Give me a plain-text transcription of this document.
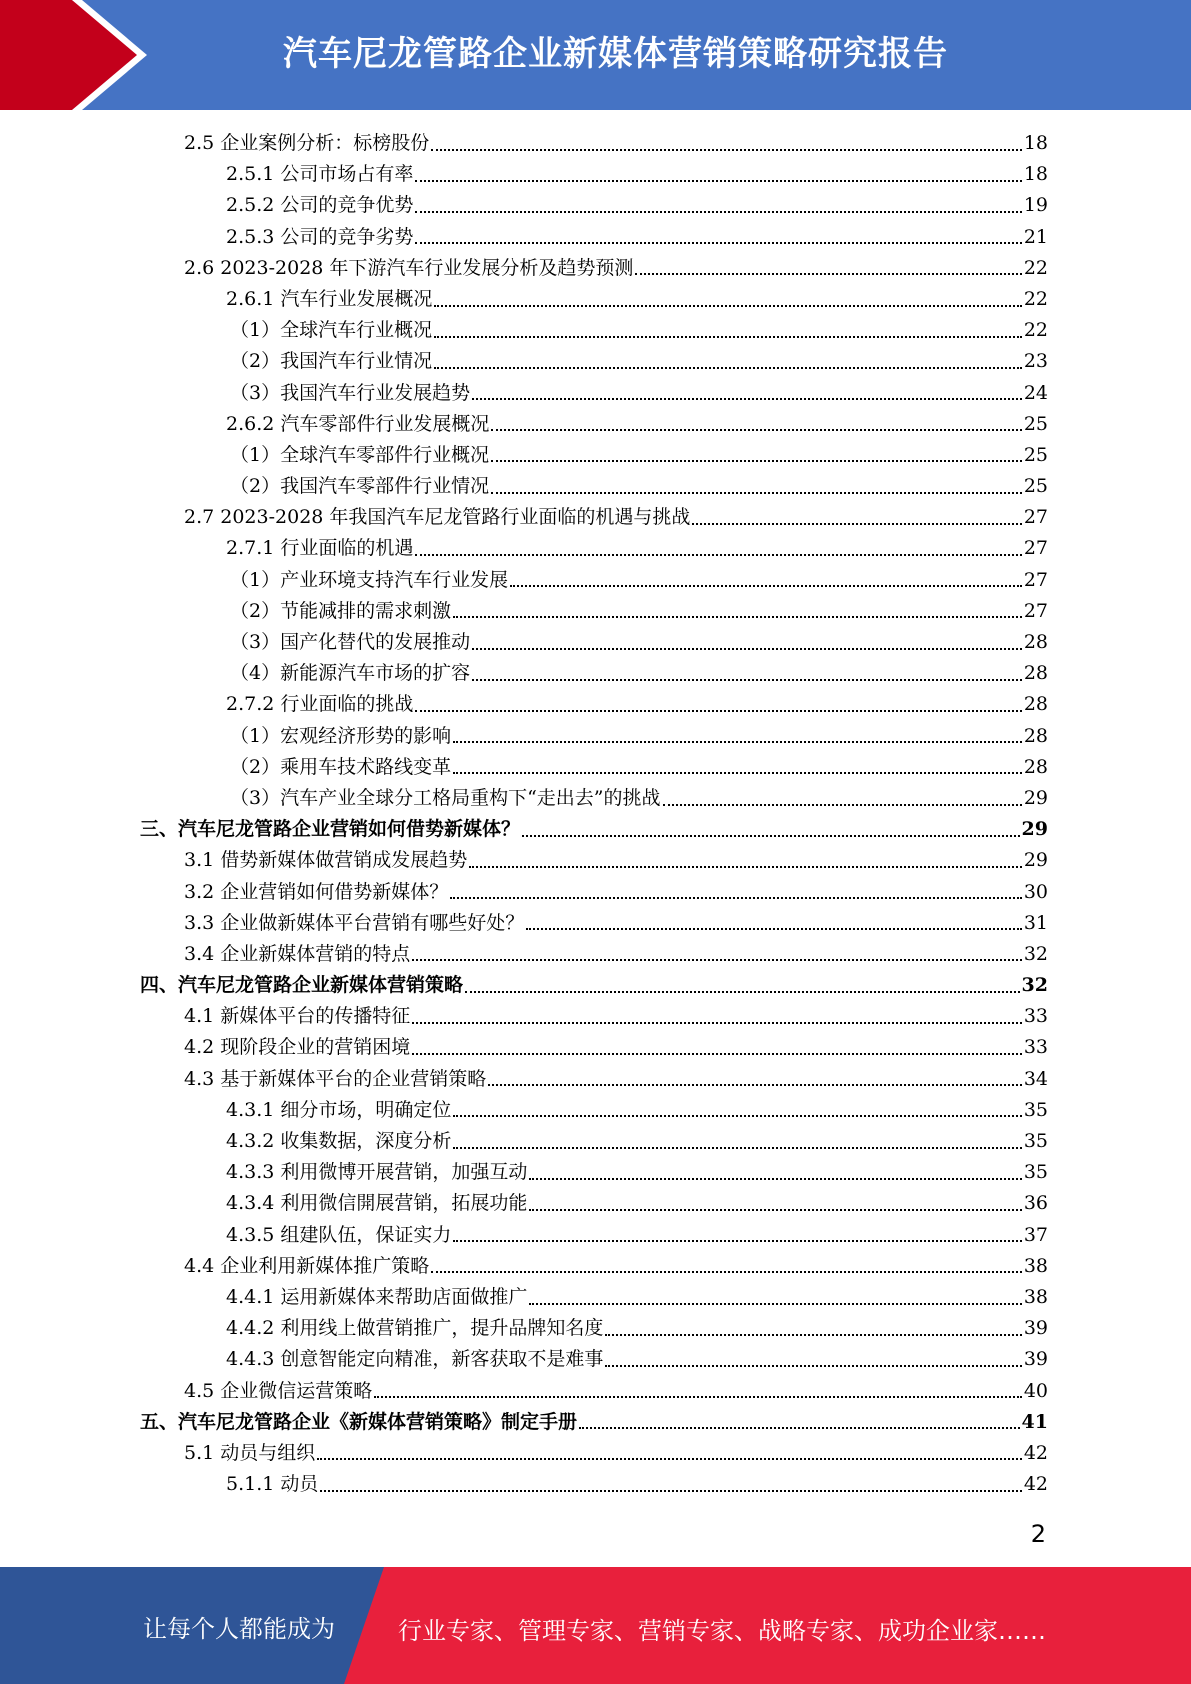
汽车尼龙管路企业新媒体营销策略研究报告
2.5 企业案例分析：标榜股份	18
2.5.1 公司市场占有率	18
2.5.2 公司的竞争优势	19
2.5.3 公司的竞争劣势	21
2.6 2023-2028 年下游汽车行业发展分析及趋势预测	22
2.6.1 汽车行业发展概况	22
（1）全球汽车行业概况	22
（2）我国汽车行业情况	23
（3）我国汽车行业发展趋势	24
2.6.2 汽车零部件行业发展概况	25
（1）全球汽车零部件行业概况	25
（2）我国汽车零部件行业情况	25
2.7 2023-2028 年我国汽车尼龙管路行业面临的机遇与挑战	27
2.7.1 行业面临的机遇	27
（1）产业环境支持汽车行业发展	27
（2）节能减排的需求刺激	27
（3）国产化替代的发展推动	28
（4）新能源汽车市场的扩容	28
2.7.2 行业面临的挑战	28
（1）宏观经济形势的影响	28
（2）乘用车技术路线变革	28
（3）汽车产业全球分工格局重构下“走出去”的挑战	29
三、汽车尼龙管路企业营销如何借势新媒体？	29
3.1 借势新媒体做营销成发展趋势	29
3.2 企业营销如何借势新媒体？	30
3.3 企业做新媒体平台营销有哪些好处？	31
3.4 企业新媒体营销的特点	32
四、汽车尼龙管路企业新媒体营销策略	32
4.1 新媒体平台的传播特征	33
4.2 现阶段企业的营销困境	33
4.3 基于新媒体平台的企业营销策略	34
4.3.1 细分市场，明确定位	35
4.3.2 收集数据，深度分析	35
4.3.3 利用微博开展营销，加强互动	35
4.3.4 利用微信開展营销，拓展功能	36
4.3.5 组建队伍，保证实力	37
4.4 企业利用新媒体推广策略	38
4.4.1 运用新媒体来帮助店面做推广	38
4.4.2 利用线上做营销推广，提升品牌知名度	39
4.4.3 创意智能定向精准，新客获取不是难事	39
4.5 企业微信运营策略	40
五、汽车尼龙管路企业《新媒体营销策略》制定手册	41
5.1 动员与组织	42
5.1.1 动员	42
2
让每个人都能成为	行业专家、管理专家、营销专家、战略专家、成功企业家……
